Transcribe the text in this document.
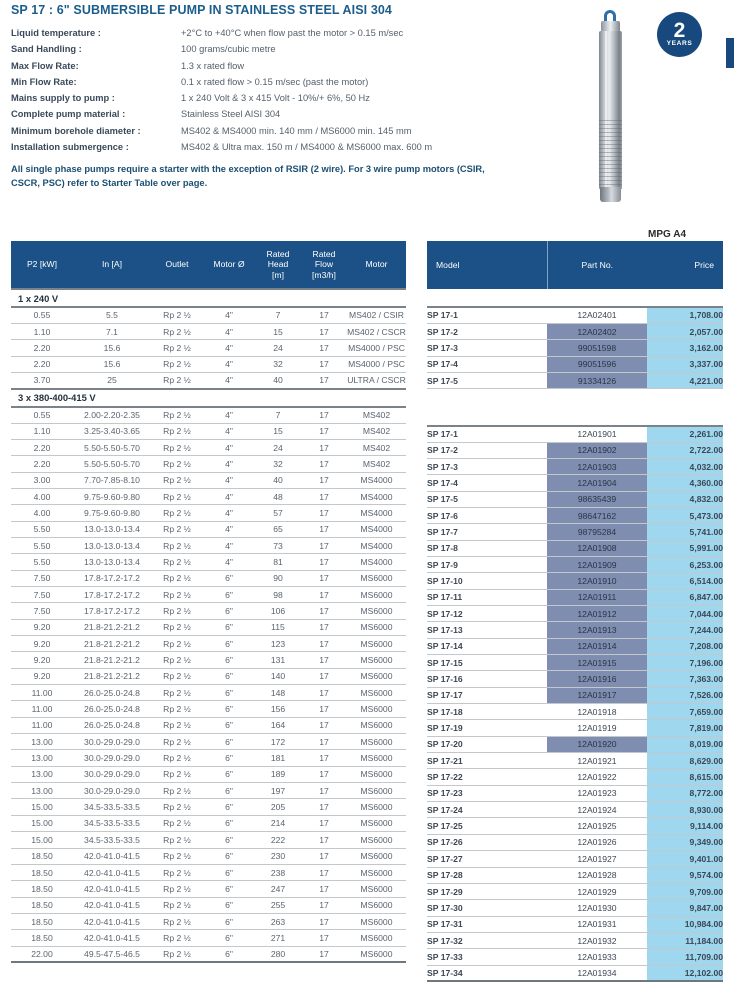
SP 17 : 6" SUBMERSIBLE PUMP IN STAINLESS STEEL AISI 304
Liquid temperature :	+2°C to +40°C when flow past the motor > 0.15 m/sec
Sand Handling :	100 grams/cubic metre
Max Flow Rate:	1.3 x rated flow
Min Flow Rate:	0.1 x rated flow > 0.15 m/sec (past the motor)
Mains supply to pump :	1 x 240 Volt & 3 x 415 Volt - 10%/+ 6%, 50 Hz
Complete pump material :	Stainless Steel AISI 304
Minimum borehole diameter :	MS402 & MS4000 min. 140 mm / MS6000 min. 145 mm
Installation submergence :	MS402 & Ultra max. 150 m / MS4000 & MS6000 max. 600 m
All single phase pumps require a starter with the exception of RSIR (2 wire). For 3 wire pump motors (CSIR, CSCR, PSC) refer to Starter Table over page.
2
YEARS
MPG A4
P2 [kW]	In [A]	Outlet	Motor Ø	Rated
Head
[m]	Rated
Flow
[m3/h]	Motor
1 x 240 V						
0.55	5.5	Rp 2 ½	4"	7	17	MS402 / CSIR
1.10	7.1	Rp 2 ½	4"	15	17	MS402 / CSCR
2.20	15.6	Rp 2 ½	4"	24	17	MS4000 / PSC
2.20	15.6	Rp 2 ½	4"	32	17	MS4000 / PSC
3.70	25	Rp 2 ½	4"	40	17	ULTRA / CSCR
3 x 380-400-415 V						
0.55	2.00-2.20-2.35	Rp 2 ½	4"	7	17	MS402
1.10	3.25-3.40-3.65	Rp 2 ½	4"	15	17	MS402
2.20	5.50-5.50-5.70	Rp 2 ½	4"	24	17	MS402
2.20	5.50-5.50-5.70	Rp 2 ½	4"	32	17	MS402
3.00	7.70-7.85-8.10	Rp 2 ½	4"	40	17	MS4000
4.00	9.75-9.60-9.80	Rp 2 ½	4"	48	17	MS4000
4.00	9.75-9.60-9.80	Rp 2 ½	4"	57	17	MS4000
5.50	13.0-13.0-13.4	Rp 2 ½	4"	65	17	MS4000
5.50	13.0-13.0-13.4	Rp 2 ½	4"	73	17	MS4000
5.50	13.0-13.0-13.4	Rp 2 ½	4"	81	17	MS4000
7.50	17.8-17.2-17.2	Rp 2 ½	6"	90	17	MS6000
7.50	17.8-17.2-17.2	Rp 2 ½	6"	98	17	MS6000
7.50	17.8-17.2-17.2	Rp 2 ½	6"	106	17	MS6000
9.20	21.8-21.2-21.2	Rp 2 ½	6"	115	17	MS6000
9.20	21.8-21.2-21.2	Rp 2 ½	6"	123	17	MS6000
9.20	21.8-21.2-21.2	Rp 2 ½	6"	131	17	MS6000
9.20	21.8-21.2-21.2	Rp 2 ½	6"	140	17	MS6000
11.00	26.0-25.0-24.8	Rp 2 ½	6"	148	17	MS6000
11.00	26.0-25.0-24.8	Rp 2 ½	6"	156	17	MS6000
11.00	26.0-25.0-24.8	Rp 2 ½	6"	164	17	MS6000
13.00	30.0-29.0-29.0	Rp 2 ½	6"	172	17	MS6000
13.00	30.0-29.0-29.0	Rp 2 ½	6"	181	17	MS6000
13.00	30.0-29.0-29.0	Rp 2 ½	6"	189	17	MS6000
13.00	30.0-29.0-29.0	Rp 2 ½	6"	197	17	MS6000
15.00	34.5-33.5-33.5	Rp 2 ½	6"	205	17	MS6000
15.00	34.5-33.5-33.5	Rp 2 ½	6"	214	17	MS6000
15.00	34.5-33.5-33.5	Rp 2 ½	6"	222	17	MS6000
18.50	42.0-41.0-41.5	Rp 2 ½	6"	230	17	MS6000
18.50	42.0-41.0-41.5	Rp 2 ½	6"	238	17	MS6000
18.50	42.0-41.0-41.5	Rp 2 ½	6"	247	17	MS6000
18.50	42.0-41.0-41.5	Rp 2 ½	6"	255	17	MS6000
18.50	42.0-41.0-41.5	Rp 2 ½	6"	263	17	MS6000
18.50	42.0-41.0-41.5	Rp 2 ½	6"	271	17	MS6000
22.00	49.5-47.5-46.5	Rp 2 ½	6"	280	17	MS6000
Model	Part No.	Price

SP 17-1	12A02401	1,708.00
SP 17-2	12A02402	2,057.00
SP 17-3	99051598	3,162.00
SP 17-4	99051596	3,337.00
SP 17-5	91334126	4,221.00

SP 17-1	12A01901	2,261.00
SP 17-2	12A01902	2,722.00
SP 17-3	12A01903	4,032.00
SP 17-4	12A01904	4,360.00
SP 17-5	98635439	4,832.00
SP 17-6	98647162	5,473.00
SP 17-7	98795284	5,741.00
SP 17-8	12A01908	5,991.00
SP 17-9	12A01909	6,253.00
SP 17-10	12A01910	6,514.00
SP 17-11	12A01911	6,847.00
SP 17-12	12A01912	7,044.00
SP 17-13	12A01913	7,244.00
SP 17-14	12A01914	7,208.00
SP 17-15	12A01915	7,196.00
SP 17-16	12A01916	7,363.00
SP 17-17	12A01917	7,526.00
SP 17-18	12A01918	7,659.00
SP 17-19	12A01919	7,819.00
SP 17-20	12A01920	8,019.00
SP 17-21	12A01921	8,629.00
SP 17-22	12A01922	8,615.00
SP 17-23	12A01923	8,772.00
SP 17-24	12A01924	8,930.00
SP 17-25	12A01925	9,114.00
SP 17-26	12A01926	9,349.00
SP 17-27	12A01927	9,401.00
SP 17-28	12A01928	9,574.00
SP 17-29	12A01929	9,709.00
SP 17-30	12A01930	9,847.00
SP 17-31	12A01931	10,984.00
SP 17-32	12A01932	11,184.00
SP 17-33	12A01933	11,709.00
SP 17-34	12A01934	12,102.00
